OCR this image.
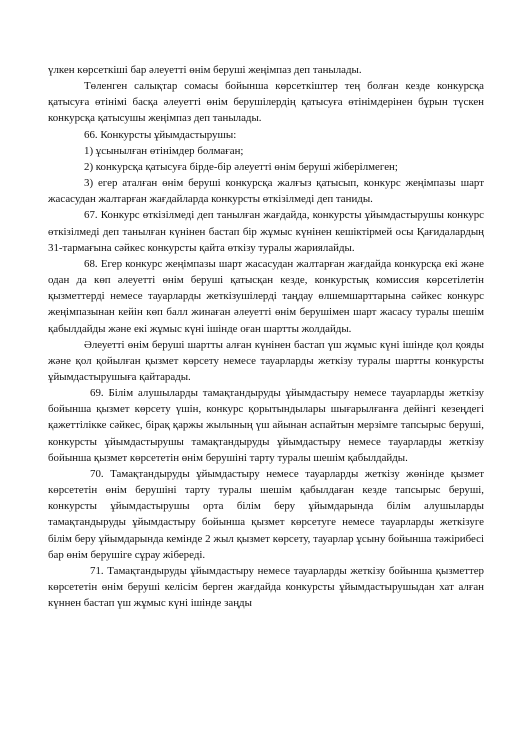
үлкен көрсеткіші бар әлеуетті өнім беруші жеңімпаз деп танылады.

Төленген салықтар сомасы бойынша көрсеткіштер тең болған кезде конкурсқа қатысуға өтінімі басқа әлеуетті өнім берушілердің қатысуға өтінімдерінен бұрын түскен конкурсқа қатысушы жеңімпаз деп танылады.

66. Конкурсты ұйымдастырушы:

1) ұсынылған өтінімдер болмаған;

2) конкурсқа қатысуға бірде-бір әлеуетті өнім беруші жіберілмеген;

3) егер аталған өнім беруші конкурсқа жалғыз қатысып, конкурс жеңімпазы шарт жасасудан жалтарған жағдайларда конкурсты өткізілмеді деп таниды.

67. Конкурс өткізілмеді деп танылған жағдайда, конкурсты ұйымдастырушы конкурс өткізілмеді деп танылған күнінен бастап бір жұмыс күнінен кешіктірмей осы Қағидалардың 31-тармағына сәйкес конкурсты қайта өткізу туралы жариялайды.

68. Егер конкурс жеңімпазы шарт жасасудан жалтарған жағдайда конкурсқа екі және одан да көп әлеуетті өнім беруші қатысқан кезде, конкурстық комиссия көрсетілетін қызметтерді немесе тауарларды жеткізушілерді таңдау өлшемшарттарына сәйкес конкурс жеңімпазынан кейін көп балл жинаған әлеуетті өнім берушімен шарт жасасу туралы шешім қабылдайды және екі жұмыс күні ішінде оған шартты жолдайды.

Әлеуетті өнім беруші шартты алған күнінен бастап үш жұмыс күні ішінде қол қояды және қол қойылған қызмет көрсету немесе тауарларды жеткізу туралы шартты конкурсты ұйымдастырушыға қайтарады.

69. Білім алушыларды тамақтандыруды ұйымдастыру немесе тауарларды жеткізу бойынша қызмет көрсету үшін, конкурс қорытындылары шығарылғанға дейінгі кезеңдегі қажеттілікке сәйкес, бірақ қаржы жылының үш айынан аспайтын мерзімге тапсырыс беруші, конкурсты ұйымдастырушы тамақтандыруды ұйымдастыру немесе тауарларды жеткізу бойынша қызмет көрсететін өнім берушіні тарту туралы шешім қабылдайды.

70. Тамақтандыруды ұйымдастыру немесе тауарларды жеткізу жөнінде қызмет көрсететін өнім берушіні тарту туралы шешім қабылдаған кезде тапсырыс беруші, конкурсты ұйымдастырушы орта білім беру ұйымдарында білім алушыларды тамақтандыруды ұйымдастыру бойынша қызмет көрсетуге немесе тауарларды жеткізуге білім беру ұйымдарында кемінде 2 жыл қызмет көрсету, тауарлар ұсыну бойынша тәжірибесі бар өнім берушіге сұрау жібереді.

71. Тамақтандыруды ұйымдастыру немесе тауарларды жеткізу бойынша қызметтер көрсететін өнім беруші келісім берген жағдайда конкурсты ұйымдастырушыдан хат алған күннен бастап үш жұмыс күні ішінде заңды
